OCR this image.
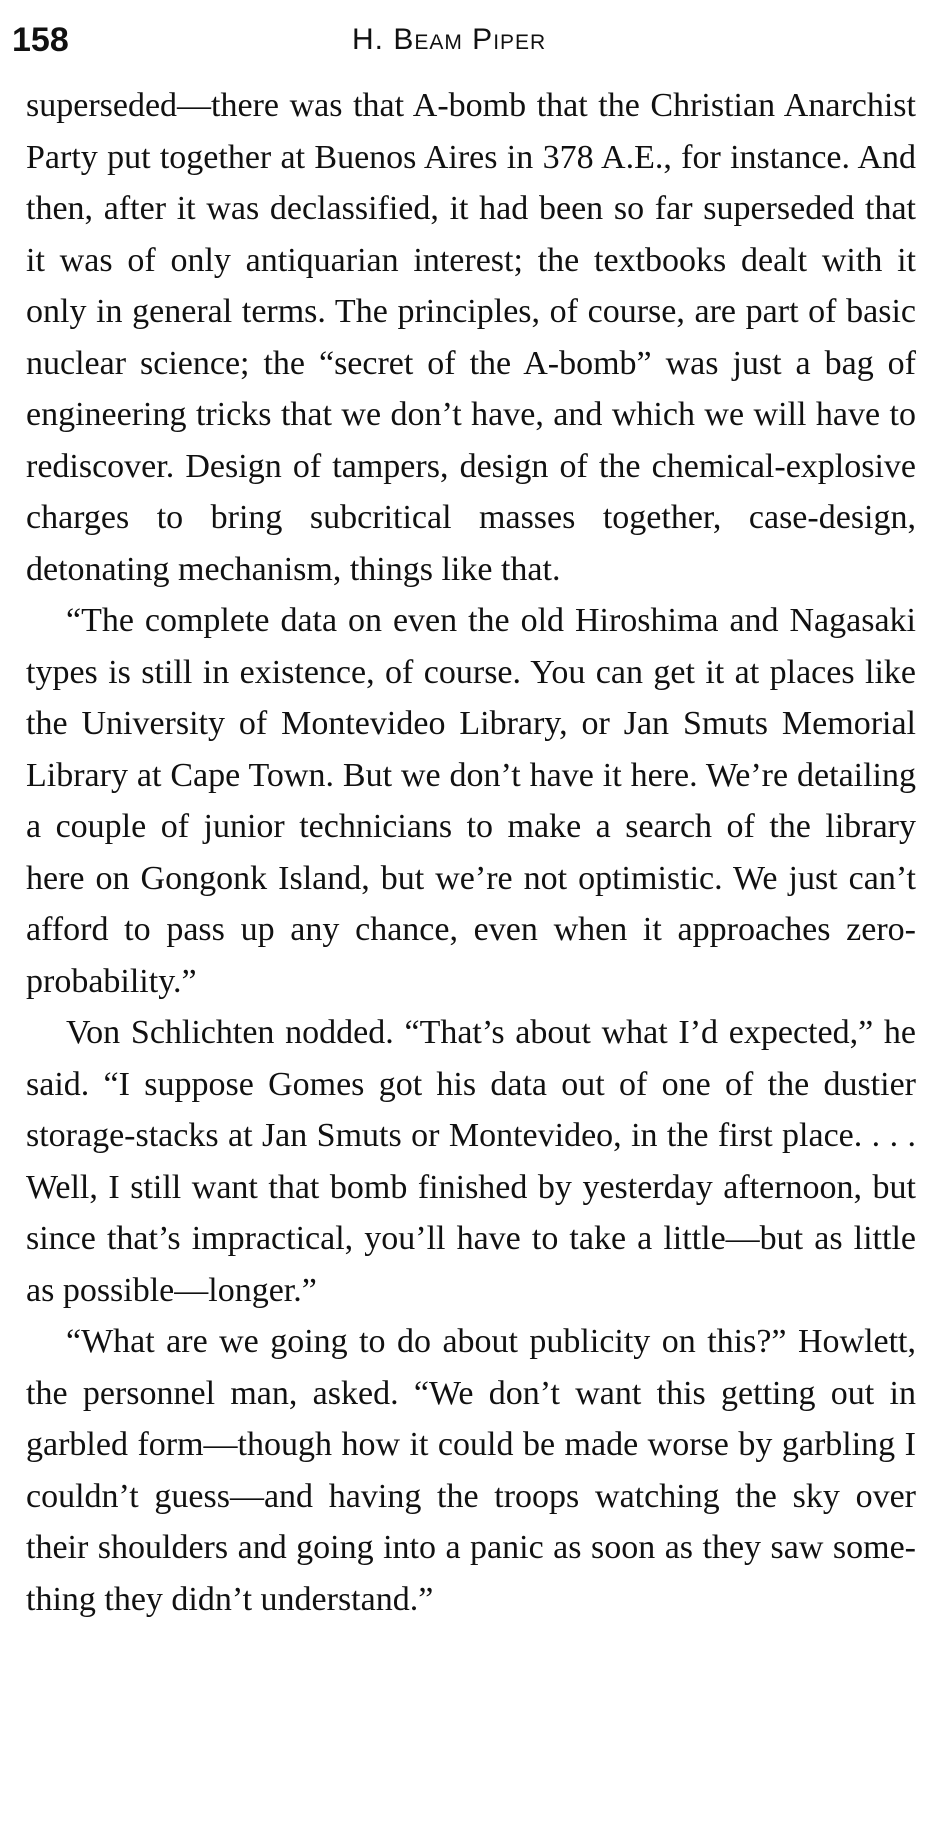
158	H. Beam Piper

superseded—there was that A-bomb that the Christian Anarchist Party put together at Buenos Aires in 378 A.E., for instance. And then, after it was declassified, it had been so far superseded that it was of only antiquarian interest; the textbooks dealt with it only in general terms. The principles, of course, are part of basic nuclear science; the “secret of the A-bomb” was just a bag of engineering tricks that we don’t have, and which we will have to rediscover. Design of tampers, design of the chemical-explosive charges to bring subcritical masses together, case-design, detonating mechanism, things like that.

“The complete data on even the old Hiroshima and Nagasaki types is still in existence, of course. You can get it at places like the University of Montevideo Library, or Jan Smuts Memorial Library at Cape Town. But we don’t have it here. We’re detailing a couple of junior technicians to make a search of the library here on Gongonk Island, but we’re not optimistic. We just can’t afford to pass up any chance, even when it approaches zero-probability.”

Von Schlichten nodded. “That’s about what I’d expected,” he said. “I suppose Gomes got his data out of one of the dustier storage-stacks at Jan Smuts or Montevideo, in the first place. . . . Well, I still want that bomb finished by yesterday afternoon, but since that’s impractical, you’ll have to take a little—but as little as possible—longer.”

“What are we going to do about publicity on this?” Howlett, the personnel man, asked. “We don’t want this getting out in garbled form—though how it could be made worse by garbling I couldn’t guess—and having the troops watching the sky over their shoulders and going into a panic as soon as they saw something they didn’t understand.”
